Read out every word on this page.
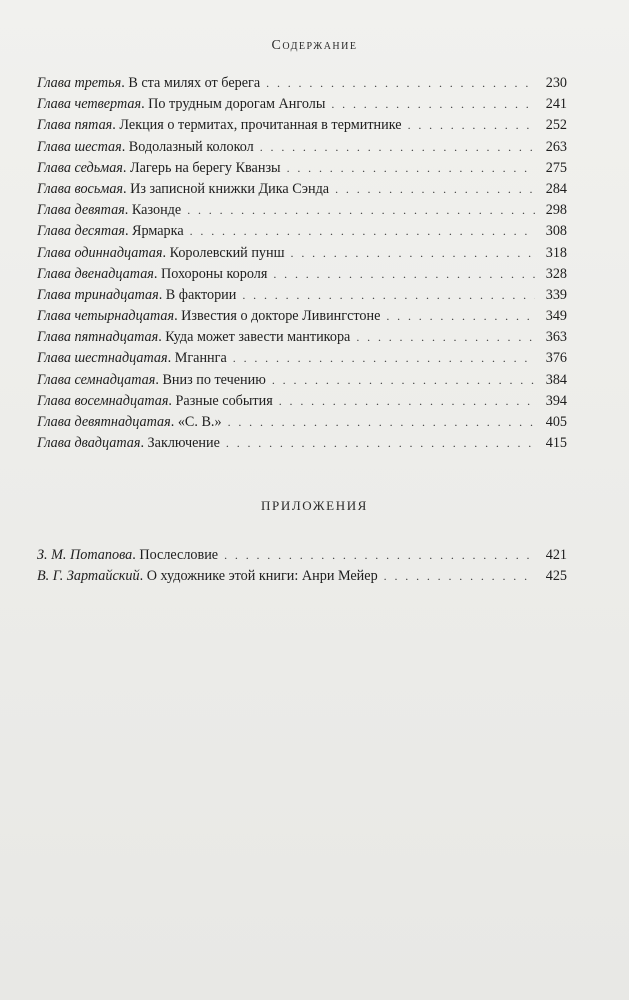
Содержание
Глава третья. В ста милях от берега . . .	230
Глава четвертая. По трудным дорогам Анголы . . .	241
Глава пятая. Лекция о термитах, прочитанная в термитнике . . .	252
Глава шестая. Водолазный колокол . . .	263
Глава седьмая. Лагерь на берегу Кванзы . . .	275
Глава восьмая. Из записной книжки Дика Сэнда . . .	284
Глава девятая. Казонде . . .	298
Глава десятая. Ярмарка . . .	308
Глава одиннадцатая. Королевский пунш . . .	318
Глава двенадцатая. Похороны короля . . .	328
Глава тринадцатая. В фактории . . .	339
Глава четырнадцатая. Известия о докторе Ливингстоне . . .	349
Глава пятнадцатая. Куда может завести мантикора . . .	363
Глава шестнадцатая. Мганнга . . .	376
Глава семнадцатая. Вниз по течению . . .	384
Глава восемнадцатая. Разные события . . .	394
Глава девятнадцатая. «С. В.» . . .	405
Глава двадцатая. Заключение . . .	415
ПРИЛОЖЕНИЯ
З. М. Потапова. Послесловие . . .	421
В. Г. Зартайский. О художнике этой книги: Анри Мейер . . .	425
